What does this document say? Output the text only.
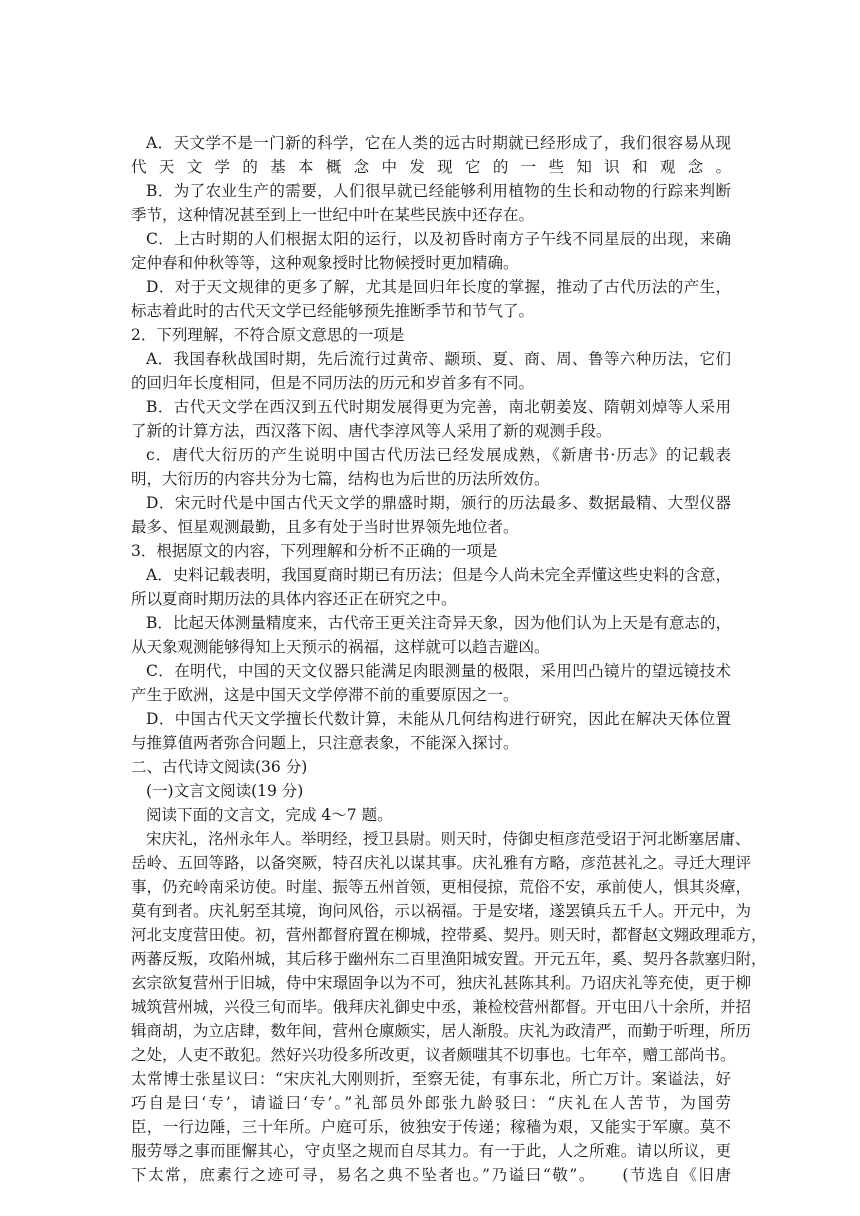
A．天文学不是一门新的科学，它在人类的远古时期就已经形成了，我们很容易从现
代天文学的基本概念中发现它的一些知识和观念。
B．为了农业生产的需要，人们很早就已经能够利用植物的生长和动物的行踪来判断
季节，这种情况甚至到上一世纪中叶在某些民族中还存在。
C．上古时期的人们根据太阳的运行，以及初昏时南方子午线不同星辰的出现，来确
定仲春和仲秋等等，这种观象授时比物候授时更加精确。
D．对于天文规律的更多了解，尤其是回归年长度的掌握，推动了古代历法的产生，
标志着此时的古代天文学已经能够预先推断季节和节气了。
2．下列理解，不符合原文意思的一项是
A．我国春秋战国时期，先后流行过黄帝、颛顼、夏、商、周、鲁等六种历法，它们
的回归年长度相同，但是不同历法的历元和岁首多有不同。
B．古代天文学在西汉到五代时期发展得更为完善，南北朝姜岌、隋朝刘焯等人采用
了新的计算方法，西汉落下闳、唐代李淳风等人采用了新的观测手段。
c．唐代大衍历的产生说明中国古代历法已经发展成熟，《新唐书·历志》的记载表
明，大衍历的内容共分为七篇，结构也为后世的历法所效仿。
D．宋元时代是中国古代天文学的鼎盛时期，颁行的历法最多、数据最精、大型仪器
最多、恒星观测最勤，且多有处于当时世界领先地位者。
3．根据原文的内容，下列理解和分析不正确的一项是
A．史料记载表明，我国夏商时期已有历法；但是今人尚未完全弄懂这些史料的含意，
所以夏商时期历法的具体内容还正在研究之中。
B．比起天体测量精度来，古代帝王更关注奇异天象，因为他们认为上天是有意志的，
从天象观测能够得知上天预示的祸福，这样就可以趋吉避凶。
C．在明代，中国的天文仪器只能满足肉眼测量的极限，采用凹凸镜片的望远镜技术
产生于欧洲，这是中国天文学停滞不前的重要原因之一。
D．中国古代天文学擅长代数计算，未能从几何结构进行研究，因此在解决天体位置
与推算值两者弥合问题上，只注意表象，不能深入探讨。
二、古代诗文阅读(36 分)
(一)文言文阅读(19 分)
阅读下面的文言文，完成 4～7 题。
宋庆礼，洺州永年人。举明经，授卫县尉。则天时，侍御史桓彦范受诏于河北断塞居庸、
岳岭、五回等路，以备突厥，特召庆礼以谋其事。庆礼雅有方略，彦范甚礼之。寻迁大理评
事，仍充岭南采访使。时崖、振等五州首领，更相侵掠，荒俗不安，承前使人，惧其炎瘴，
莫有到者。庆礼躬至其境，询问风俗，示以祸福。于是安堵，遂罢镇兵五千人。开元中，为
河北支度营田使。初，营州都督府置在柳城，控带奚、契丹。则天时，都督赵文翙政理乖方，
两蕃反叛，攻陷州城，其后移于幽州东二百里渔阳城安置。开元五年，奚、契丹各款塞归附，
玄宗欲复营州于旧城，侍中宋璟固争以为不可，独庆礼甚陈其利。乃诏庆礼等充使，更于柳
城筑营州城，兴役三旬而毕。俄拜庆礼御史中丞，兼检校营州都督。开屯田八十余所，并招
辑商胡，为立店肆，数年间，营州仓廪颇实，居人渐殷。庆礼为政清严，而勤于听理，所历
之处，人吏不敢犯。然好兴功役多所改更，议者颇嗤其不切事也。七年卒，赠工部尚书。
太常博士张星议曰：“宋庆礼大刚则折，至察无徒，有事东北，所亡万计。案谥法，好
巧自是曰‘专’，请谥曰‘专’。”礼部员外郎张九龄驳曰：“庆礼在人苦节，为国劳
臣，一行边陲，三十年所。户庭可乐，彼独安于传递；稼穑为艰，又能实于军廪。莫不
服劳辱之事而匪懈其心，守贞坚之规而自尽其力。有一于此，人之所难。请以所议，更
下太常，庶素行之迹可寻，易名之典不坠者也。”乃谥曰“敬”。　　(节选自《旧唐
